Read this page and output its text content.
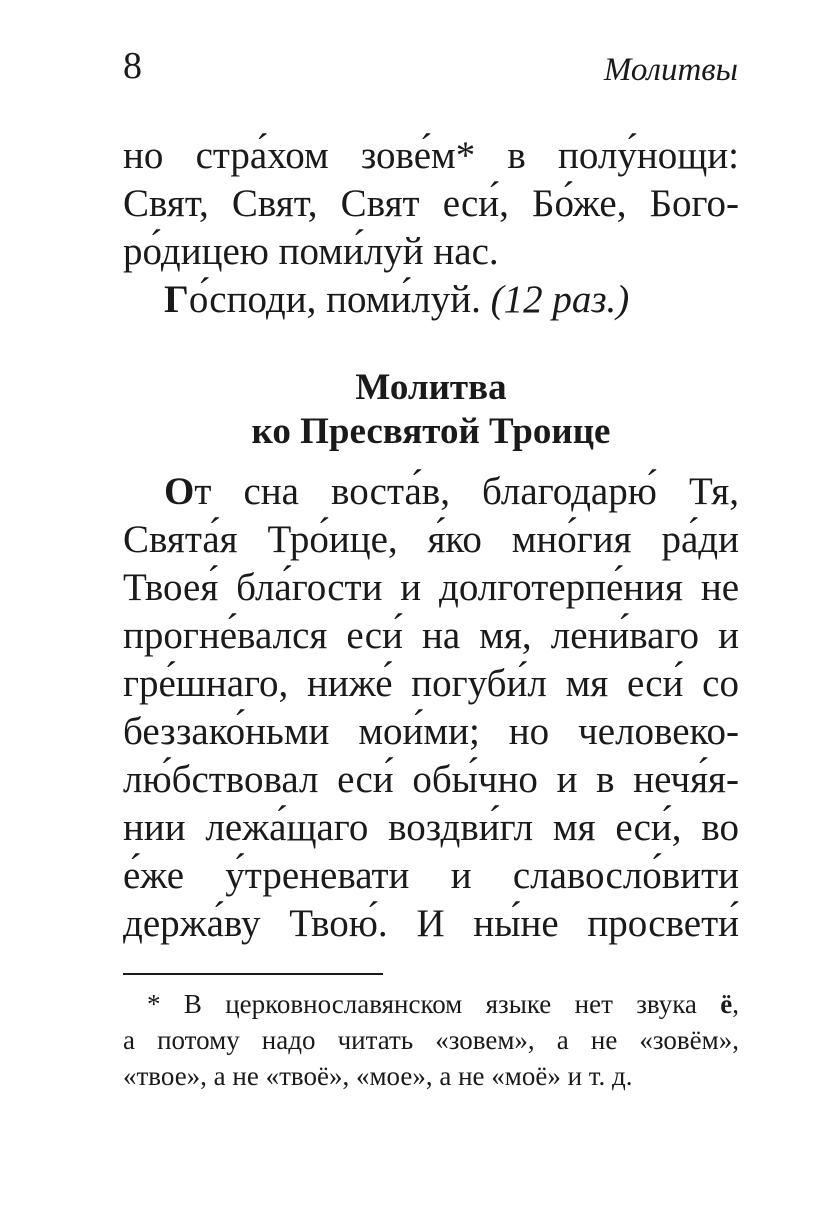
8	Молитвы
но стра́хом зове́м* в полу́нощи:
Свят, Свят, Свят еси́, Бо́же, Бого-
ро́дицею поми́луй нас.
Го́споди, поми́луй. (12 раз.)
Молитва
ко Пресвятой Троице
От сна воста́в, благодарю́ Тя,
Свята́я Тро́ице, я́ко мно́гия ра́ди
Твоея́ бла́гости и долготерпе́ния не
прогне́вался еси́ на мя, лени́ваго и
гре́шнаго, ниже́ погуби́л мя еси́ со
беззако́ньми мои́ми; но человеко-
лю́бствовал еси́ обы́чно и в нечя́я-
нии лежа́щаго воздви́гл мя еси́, во
е́же у́треневати и славосло́вити
держа́ву Твою́. И ны́не просвети́
* В церковнославянском языке нет звука ё,
а потому надо читать «зовем», а не «зовём»,
«твое», а не «твоё», «мое», а не «моё» и т. д.
